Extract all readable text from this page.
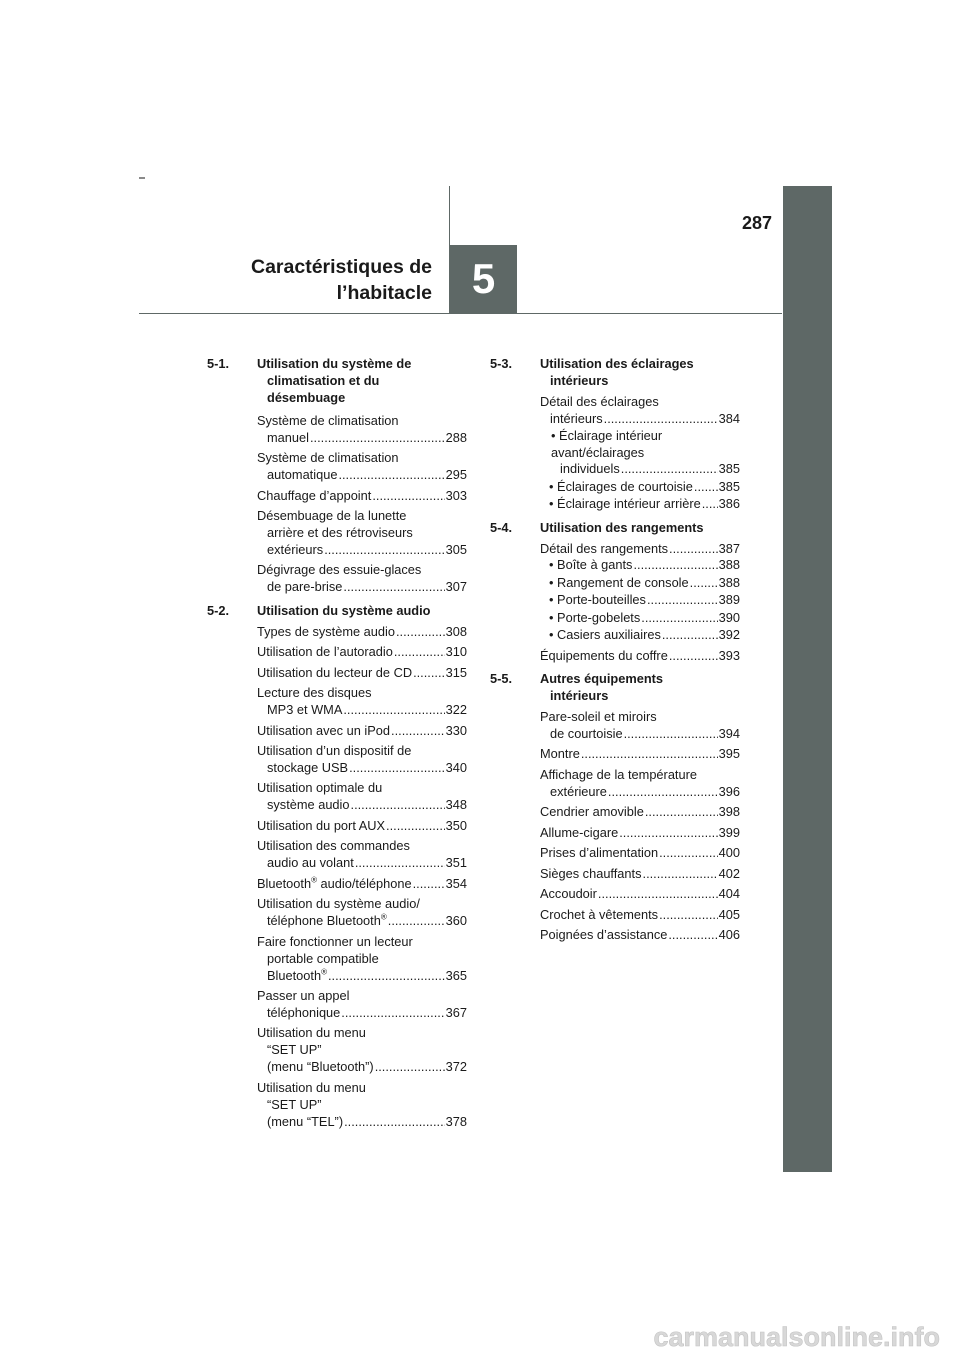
287
Caractéristiques de
l’habitacle 5
5-1.	Utilisation du système de
climatisation et du
désembuage
Système de climatisation
manuel .....	288
Système de climatisation
automatique .....	295
Chauffage d’appoint .....	303
Désembuage de la lunette
arrière et des rétroviseurs
extérieurs .....	305
Dégivrage des essuie-glaces
de pare-brise .....	307
5-2.	Utilisation du système audio
Types de système audio .....	308
Utilisation de l’autoradio .....	310
Utilisation du lecteur de CD .....	315
Lecture des disques
MP3 et WMA .....	322
Utilisation avec un iPod .....	330
Utilisation d’un dispositif de
stockage USB .....	340
Utilisation optimale du
système audio .....	348
Utilisation du port AUX .....	350
Utilisation des commandes
audio au volant .....	351
Bluetooth® audio/téléphone .....	354
Utilisation du système audio/
téléphone Bluetooth® .....	360
Faire fonctionner un lecteur
portable compatible
Bluetooth® .....	365
Passer un appel
téléphonique .....	367
Utilisation du menu
“SET UP”
(menu “Bluetooth”) .....	372
Utilisation du menu
“SET UP”
(menu “TEL”) .....	378
5-3.	Utilisation des éclairages
intérieurs
Détail des éclairages
intérieurs .....	384
• Éclairage intérieur
avant/éclairages
individuels .....	385
• Éclairages de courtoisie ..... 385
• Éclairage intérieur arrière ..... 386
5-4.	Utilisation des rangements
Détail des rangements .....	387
• Boîte à gants .....	388
• Rangement de console ..... 388
• Porte-bouteilles .....	389
• Porte-gobelets .....	390
• Casiers auxiliaires .....	392
Équipements du coffre .....	393
5-5.	Autres équipements
intérieurs
Pare-soleil et miroirs
de courtoisie .....	394
Montre .....	395
Affichage de la température
extérieure .....	396
Cendrier amovible .....	398
Allume-cigare .....	399
Prises d’alimentation .....	400
Sièges chauffants .....	402
Accoudoir .....	404
Crochet à vêtements .....	405
Poignées d’assistance .....	406
carmanualsonline.info
